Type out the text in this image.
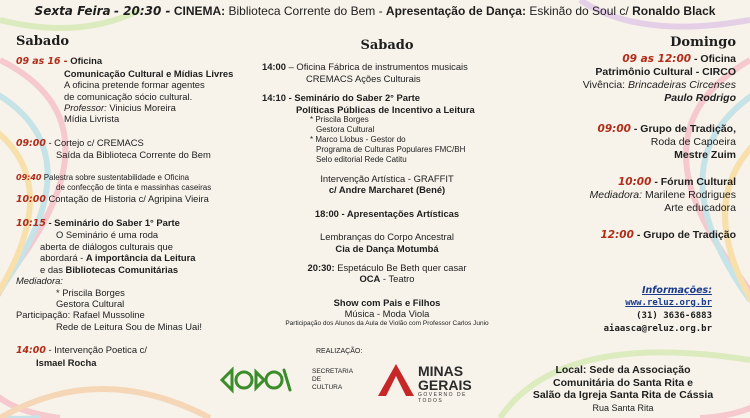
Sexta Feira - 20:30 - CINEMA: Biblioteca Corrente do Bem - Apresentação de Dança: Eskinão do Soul c/ Ronaldo Black

Sabado

09 as 16 - Oficina

Comunicação Cultural e Mídias Livres

A oficina pretende formar agentes

de comunicação sócio cultural.

Professor: Vinicius Moreira

Mídia Livrista

09:00 - Cortejo c/ CREMACS

Saída da Biblioteca Corrente do Bem

09:40 Palestra sobre sustentabilidade e Oficina

de confecção de tinta e massinhas caseiras

10:00 Contação de Historia c/ Agripina Vieira

10:15 - Seminário do Saber 1° Parte

O Seminário é uma roda

aberta de diálogos culturais que

abordará - A importância da Leitura

e das Bibliotecas Comunitárias

Mediadora:

* Priscila Borges

Gestora Cultural

Participação: Rafael Mussoline

Rede de Leitura Sou de Minas Uai!

14:00 - Intervenção Poetica c/

Ismael Rocha

Sabado

14:00 – Oficina Fábrica de instrumentos musicais

CREMACS Ações Culturais

14:10 - Seminário do Saber 2° Parte

Políticas Públicas de Incentivo a Leitura

* Priscila Borges

Gestora Cultural

* Marco Llobus - Gestor do

Programa de Culturas Populares FMC/BH

Selo editorial Rede Catitu

Intervenção Artística - GRAFFIT

c/ Andre Marcharet (Bené)

18:00 - Apresentações Artísticas

Lembranças do Corpo Ancestral

Cia de Dança Motumbá

20:30: Espetáculo Be Beth quer casar

OCA - Teatro

Show com Pais e Filhos

Música - Moda Viola

Participação dos Alunos da Aula de Violão com Professor Carlos Junio

Domingo

09 as 12:00 - Oficina

Patrimônio Cultural - CIRCO

Vivência: Brincadeiras Circenses

Paulo Rodrigo

09:00 - Grupo de Tradição,

Roda de Capoeira

Mestre Zuim

10:00 - Fórum Cultural

Mediadora: Marilene Rodrigues

Arte educadora

12:00 - Grupo de Tradição

Informações:
www.reluz.org.br
(31) 3636-6883
aiaasca@reluz.org.br
Local: Sede da Associação
Comunitária do Santa Rita e
Salão da Igreja Santa Rita de Cássia
Rua Santa Rita
REALIZAÇÃO:
SECRETARIA DE
CULTURA
MINAS
GERAIS
GOVERNO DE TODOS
